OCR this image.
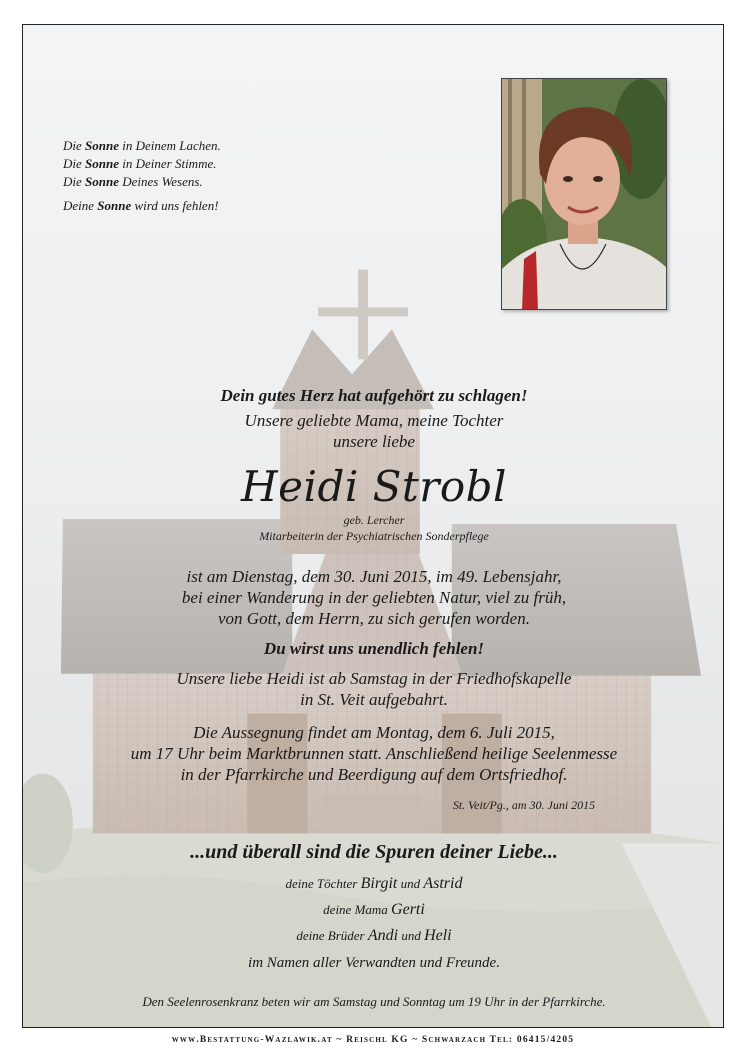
Die Sonne in Deinem Lachen.
Die Sonne in Deiner Stimme.
Die Sonne Deines Wesens.
Deine Sonne wird uns fehlen!
Dein gutes Herz hat aufgehört zu schlagen!
Unsere geliebte Mama, meine Tochter
unsere liebe
Heidi Strobl
geb. Lercher
Mitarbeiterin der Psychiatrischen Sonderpflege
ist am Dienstag, dem 30. Juni 2015, im 49. Lebensjahr,
bei einer Wanderung in der geliebten Natur, viel zu früh,
von Gott, dem Herrn, zu sich gerufen worden.
Du wirst uns unendlich fehlen!
Unsere liebe Heidi ist ab Samstag in der Friedhofskapelle
in St. Veit aufgebahrt.
Die Aussegnung findet am Montag, dem 6. Juli 2015,
um 17 Uhr beim Marktbrunnen statt. Anschließend heilige Seelenmesse
in der Pfarrkirche und Beerdigung auf dem Ortsfriedhof.
St. Veit/Pg., am 30. Juni 2015
...und überall sind die Spuren deiner Liebe...
deine Töchter Birgit und Astrid
deine Mama Gerti
deine Brüder Andi und Heli
im Namen aller Verwandten und Freunde.
Den Seelenrosenkranz beten wir am Samstag und Sonntag um 19 Uhr in der Pfarrkirche.
www.Bestattung-Wazlawik.at ~ Reischl KG ~ Schwarzach Tel: 06415/4205
